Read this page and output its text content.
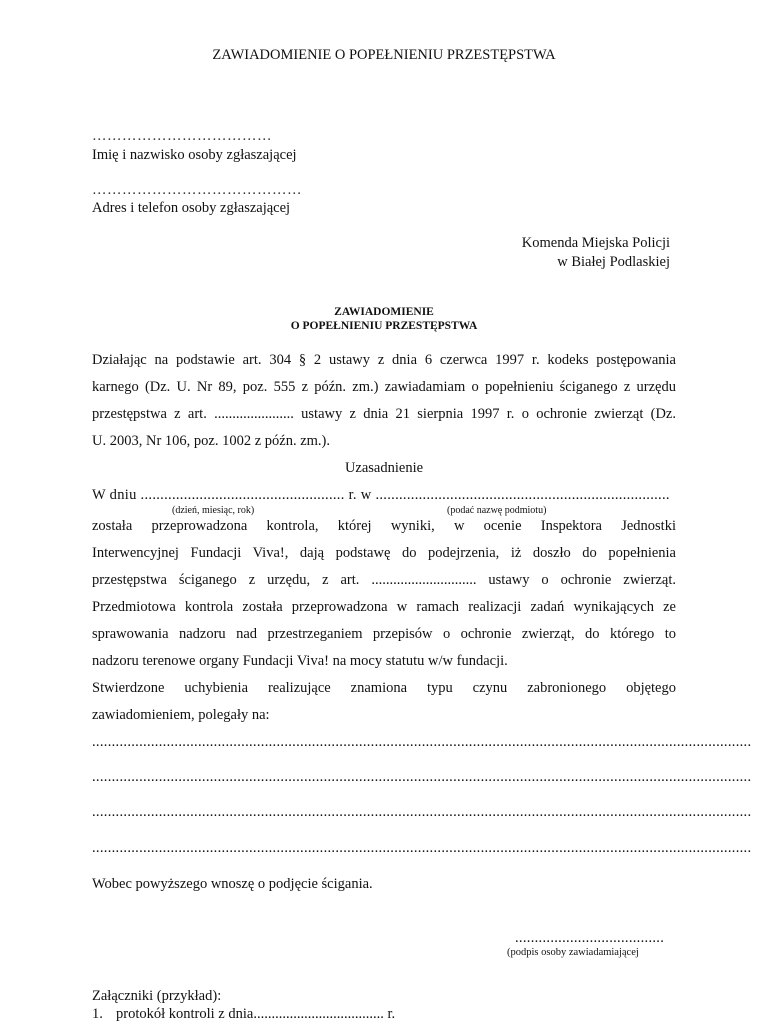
ZAWIADOMIENIE O POPEŁNIENIU PRZESTĘPSTWA
………………………………
Imię i nazwisko osoby zgłaszającej
……………………………………
Adres i telefon osoby zgłaszającej
Komenda Miejska Policji
w Białej Podlaskiej
ZAWIADOMIENIE
O POPEŁNIENIU PRZESTĘPSTWA
Działając na podstawie art. 304 § 2 ustawy z dnia 6 czerwca 1997 r. kodeks postępowania
karnego (Dz. U. Nr 89, poz. 555 z późn. zm.) zawiadamiam o popełnieniu ściganego z urzędu
przestępstwa z art. ...................... ustawy z dnia 21 sierpnia 1997 r. o ochronie zwierząt (Dz.
U. 2003, Nr 106, poz. 1002 z późn. zm.).
Uzasadnienie
W dniu .................................................... r. w ...........................................................................
(dzień, miesiąc, rok)	(podać nazwę podmiotu)
została przeprowadzona kontrola, której wyniki, w ocenie Inspektora Jednostki
Interwencyjnej Fundacji Viva!, dają podstawę do podejrzenia, iż doszło do popełnienia
przestępstwa ściganego z urzędu, z art. ............................. ustawy o ochronie zwierząt.
Przedmiotowa kontrola została przeprowadzona w ramach realizacji zadań wynikających ze
sprawowania nadzoru nad przestrzeganiem przepisów o ochronie zwierząt, do którego to
nadzoru terenowe organy Fundacji Viva! na mocy statutu w/w fundacji.
Stwierdzone uchybienia realizujące znamiona typu czynu zabronionego objętego
zawiadomieniem, polegały na:
........................................................................................................................................................................
........................................................................................................................................................................
........................................................................................................................................................................
........................................................................................................................................................................
Wobec powyższego wnoszę o podjęcie ścigania.
......................................
(podpis osoby zawiadamiającej
Załączniki (przykład):
1. protokół kontroli z dnia.................................... r.
